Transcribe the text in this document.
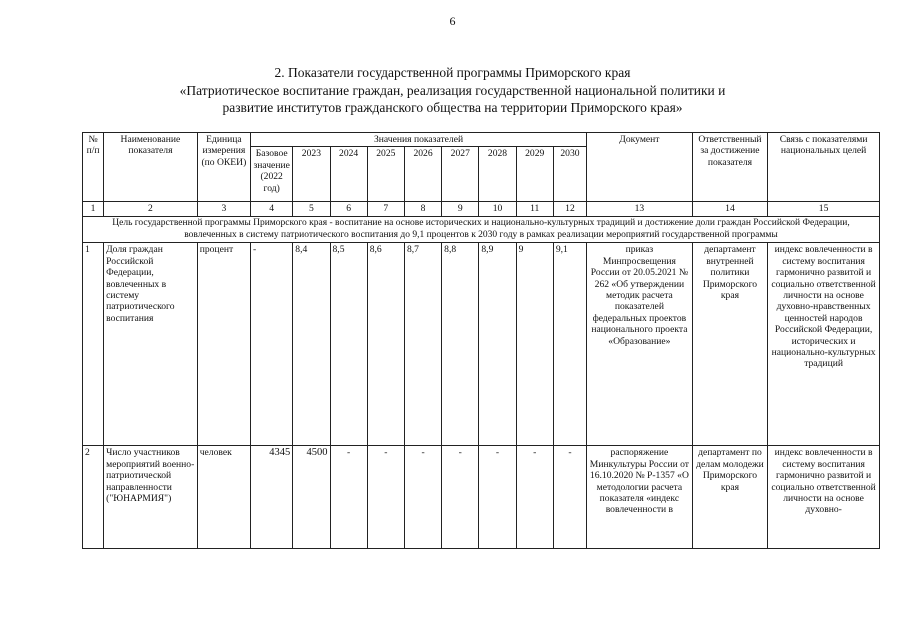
6
2. Показатели государственной программы Приморского края
«Патриотическое воспитание граждан, реализация государственной национальной политики и
развитие институтов гражданского общества на территории Приморского края»
№ п/п	Наименование показателя	Единица измерения (по ОКЕИ)	Значения показателей									Документ	Ответственный за достижение показателя	Связь с показателями национальных целей
			Базовое значение (2022 год)	2023	2024	2025	2026	2027	2028	2029	2030			
1	2	3	4	5	6	7	8	9	10	11	12	13	14	15
Цель государственной программы Приморского края - воспитание на основе исторических и национально-культурных традиций и достижение доли граждан Российской Федерации, вовлеченных в систему патриотического воспитания до 9,1 процентов к 2030 году в рамках реализации мероприятий государственной программы														
1	Доля граждан Российской Федерации, вовлеченных в систему патриотического воспитания	процент	-	8,4	8,5	8,6	8,7	8,8	8,9	9	9,1	приказ Минпросвещения России от 20.05.2021 № 262 «Об утверждении методик расчета показателей федеральных проектов национального проекта «Образование»	департамент внутренней политики Приморского края	индекс вовлеченности в систему воспитания гармонично развитой и социально ответственной личности на основе духовно-нравственных ценностей народов Российской Федерации, исторических и национально-культурных традиций
2	Число участников мероприятий военно-патриотической направленности ("ЮНАРМИЯ")	человек	4345	4500	-	-	-	-	-	-	-	распоряжение Минкультуры России от 16.10.2020 № Р-1357 «О методологии расчета показателя «индекс вовлеченности в	департамент по делам молодежи Приморского края	индекс вовлеченности в систему воспитания гармонично развитой и социально ответственной личности на основе духовно-
